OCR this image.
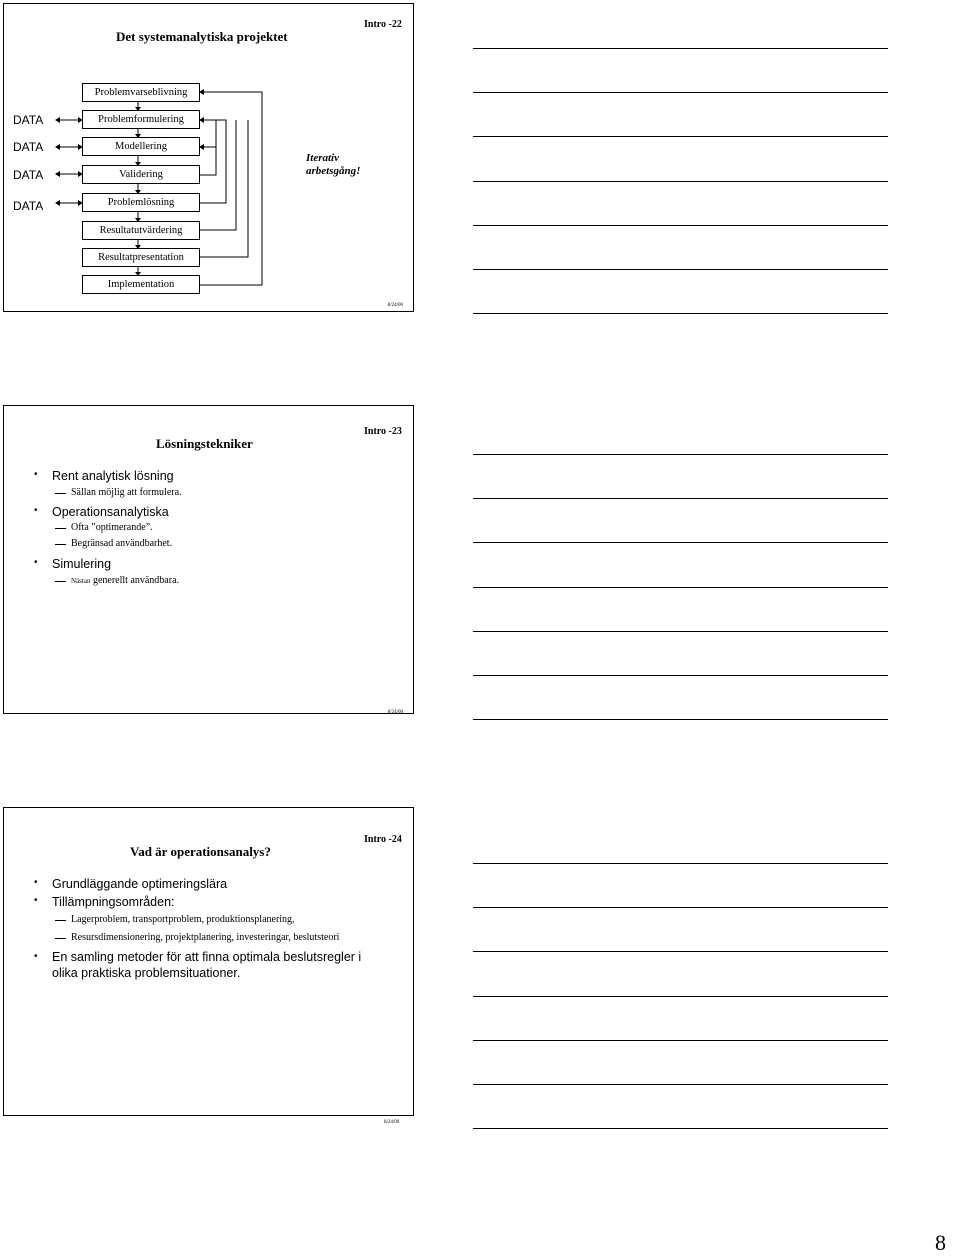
Det systemanalytiska projektet
Intro -22
Problemvarseblivning
Problemformulering
Modellering
Validering
Problemlösning
Resultatutvärdering
Resultatpresentation
Implementation
DATA
DATA
DATA
DATA
Iterativ
arbetsgång!
8/24/00
Lösningstekniker
Intro -23
• Rent analytisk lösning
Sällan möjlig att formulera.
• Operationsanalytiska
Ofta ”optimerande”.
Begränsad användbarhet.
• Simulering
Nästan generellt användbara.
8/24/00
Vad är operationsanalys?
Intro -24
• Grundläggande optimeringslära
• Tillämpningsområden:
Lagerproblem, transportproblem, produktionsplanering,
Resursdimensionering, projektplanering, investeringar, beslutsteori
• En samling metoder för att finna optimala beslutsregler i
olika praktiska problemsituationer.
8/24/00
8
